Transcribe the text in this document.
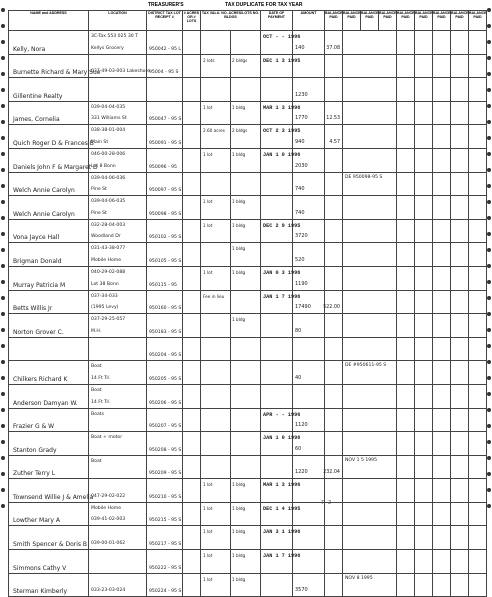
TREASURER'S	TAX DUPLICATE FOR TAX YEAR
NAME and ADDRESS	LOCATION	DISTRICT TAX LOT RECEIPT #	# ACRES OR # LOTS	TAX VALU. NO. ACRES/LOTS NO. BLDGS		DATE OF PAYMENT	AMOUNT	BALANCE PAID	BALANCE PAID	BALANCE PAID	BALANCE PAID	BALANCE PAID	BALANCE PAID	BALANCE PAID	BALANCE PAID	BALANCE PAID

Kelly, Nora	3C-Tax 553 025 30 T
Kellys Grocery	950042 - 95 L				OCT - - 1996	140	37.08								

Burnette Richard & Mary Sue	037-49-03-003 Lakeshore	95004 - 95 S		2 lots	2 bldgs	DEC 1 3 1995										

Gillentine Realty							1230									

James, Cornelia	039-04-04-035
331 Williams St	950047 - 95 S		1 lot	1 bldg	MAR 1 3 1996	1770	12.53								

Quich Roger D & Frances B	038-38-01-004
Main St	950091 - 95 S		2.60 acres	2 bldgs	OCT 2 3 1995	940	4.57								

Daniels John F & Margaret D	046-00-28-006
Lot 8 Bonn	950096 - 95		1 lot	1 bldg	JAN 1 0 1996	2030									

Welch Annie Carolyn	039-04-06-036
Pine St	950097 - 95 S					740		DE 950098-95 S							

Welch Annie Carolyn	039-04-06-035
Pine St	950098 - 95 S		1 lot	1 bldg		740									

Vona Jayce Hall	032-28-04-003
Woodland Dr	950102 - 95 S		1 lot	1 bldg	DEC 2 9 1995	3720									

Brigman Donald	031-43-38-077
Mobile Home	950105 - 95 S			1 bldg		520									

Murray Patricia M	040-29-02-088
Lot 38 Bonn	950115 - 95		1 lot	1 bldg	JAN 0 3 1996	1190									

Betts Willis Jr	037-34-033
(1995 Levy)	950160 - 95 S		Fee in lieu		JAN 1 7 1996	17490	522.00								

Norton Grover C.	037-29-25-057
M.H.	950183 - 95 S			1 bldg		80									

		950204 - 95 S														

Chilkers Richard K	Boat
14 Ft Tri	950205 - 95 S					40		DE #950611-95 S							

Anderson Damyan W.	Boat
14 Ft Tri	950206 - 95 S														

Frazier G & W	Boats	950207 - 95 S				APR - - 1996	1120									

Stanton Grady	Boat + motor	950208 - 95 S				JAN 1 0 1996	60									

Zuther Terry L	Boat	950209 - 95 S					1220	232.04	NOV 1 5 1995							

Townsend Willie J & Amelia	047-29-02-022	950210 - 95 S		1 lot	1 bldg	MAR 1 3 1996										

Lowther Mary A	Mobile Home
039-41-02-003	950215 - 95 S		1 lot	1 bldg	DEC 1 4 1995										

Smith Spencer & Doris B	039-00-01-062	950217 - 95 S		1 lot	1 bldg	JAN 3 1 1996										

Simmons Cathy V		950222 - 95 S		1 lot	1 bldg	JAN 1 7 1996										

Sterman Kimberly	033-23-03-024	950224 - 95 S		1 lot	1 bldg		3570		NOV 8 1995							

- 7 - 2
